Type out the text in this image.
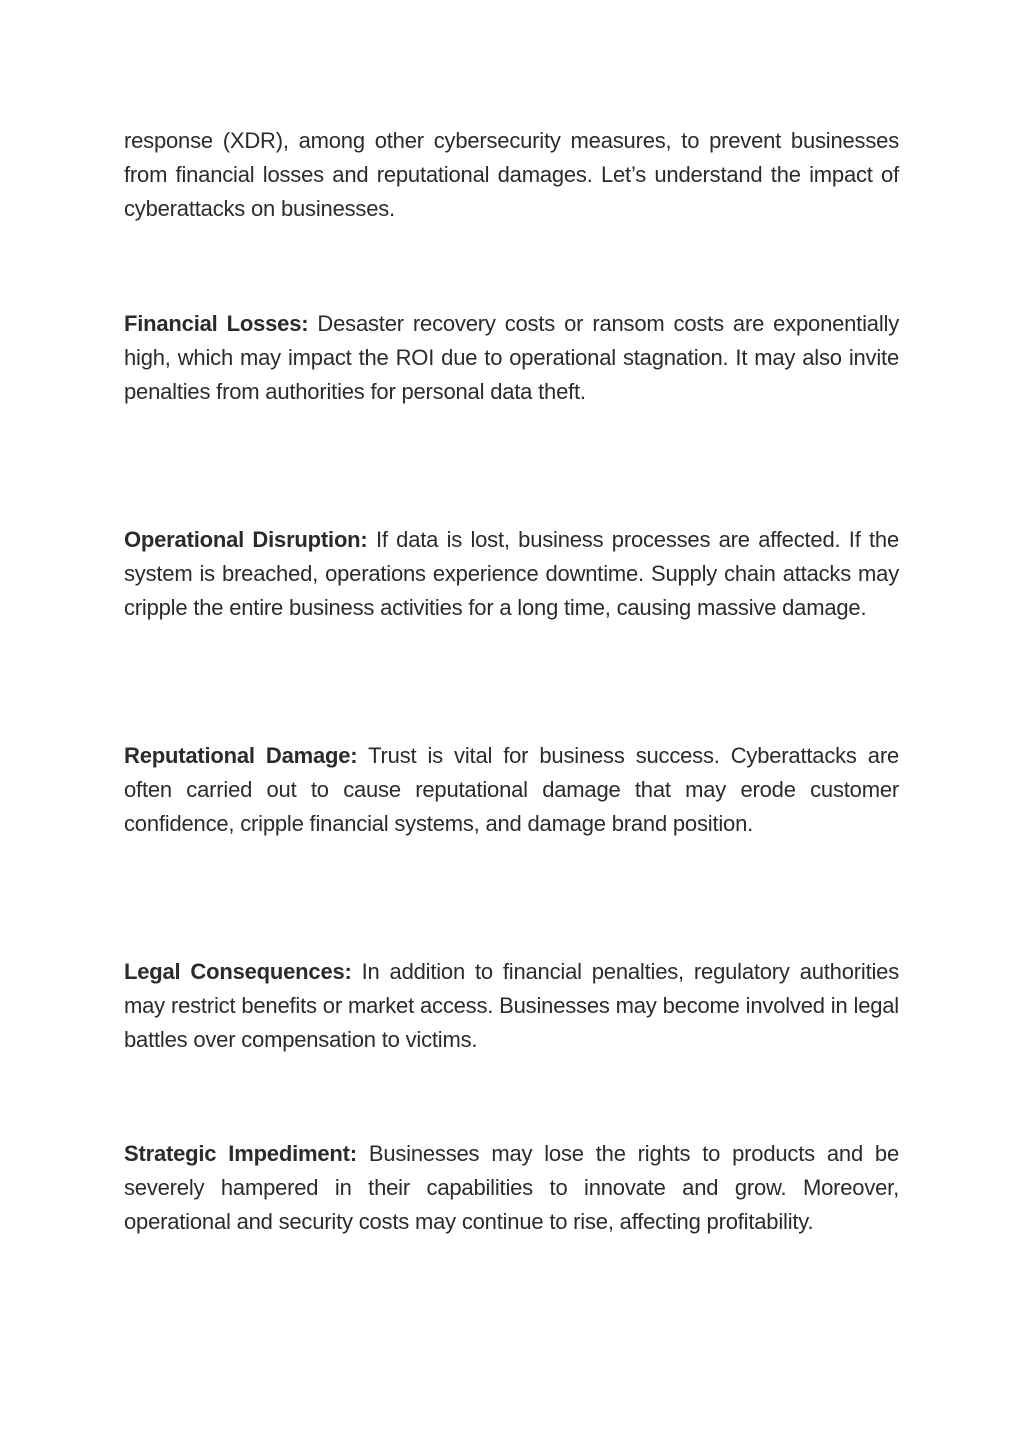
response (XDR), among other cybersecurity measures, to prevent businesses from financial losses and reputational damages. Let’s understand the impact of cyberattacks on businesses.

Financial Losses: Desaster recovery costs or ransom costs are exponentially high, which may impact the ROI due to operational stagnation. It may also invite penalties from authorities for personal data theft.

Operational Disruption: If data is lost, business processes are affected. If the system is breached, operations experience downtime. Supply chain attacks may cripple the entire business activities for a long time, causing massive damage.

Reputational Damage: Trust is vital for business success. Cyberattacks are often carried out to cause reputational damage that may erode customer confidence, cripple financial systems, and damage brand position.

Legal Consequences: In addition to financial penalties, regulatory authorities may restrict benefits or market access. Businesses may become involved in legal battles over compensation to victims.

Strategic Impediment: Businesses may lose the rights to products and be severely hampered in their capabilities to innovate and grow. Moreover, operational and security costs may continue to rise, affecting profitability.
